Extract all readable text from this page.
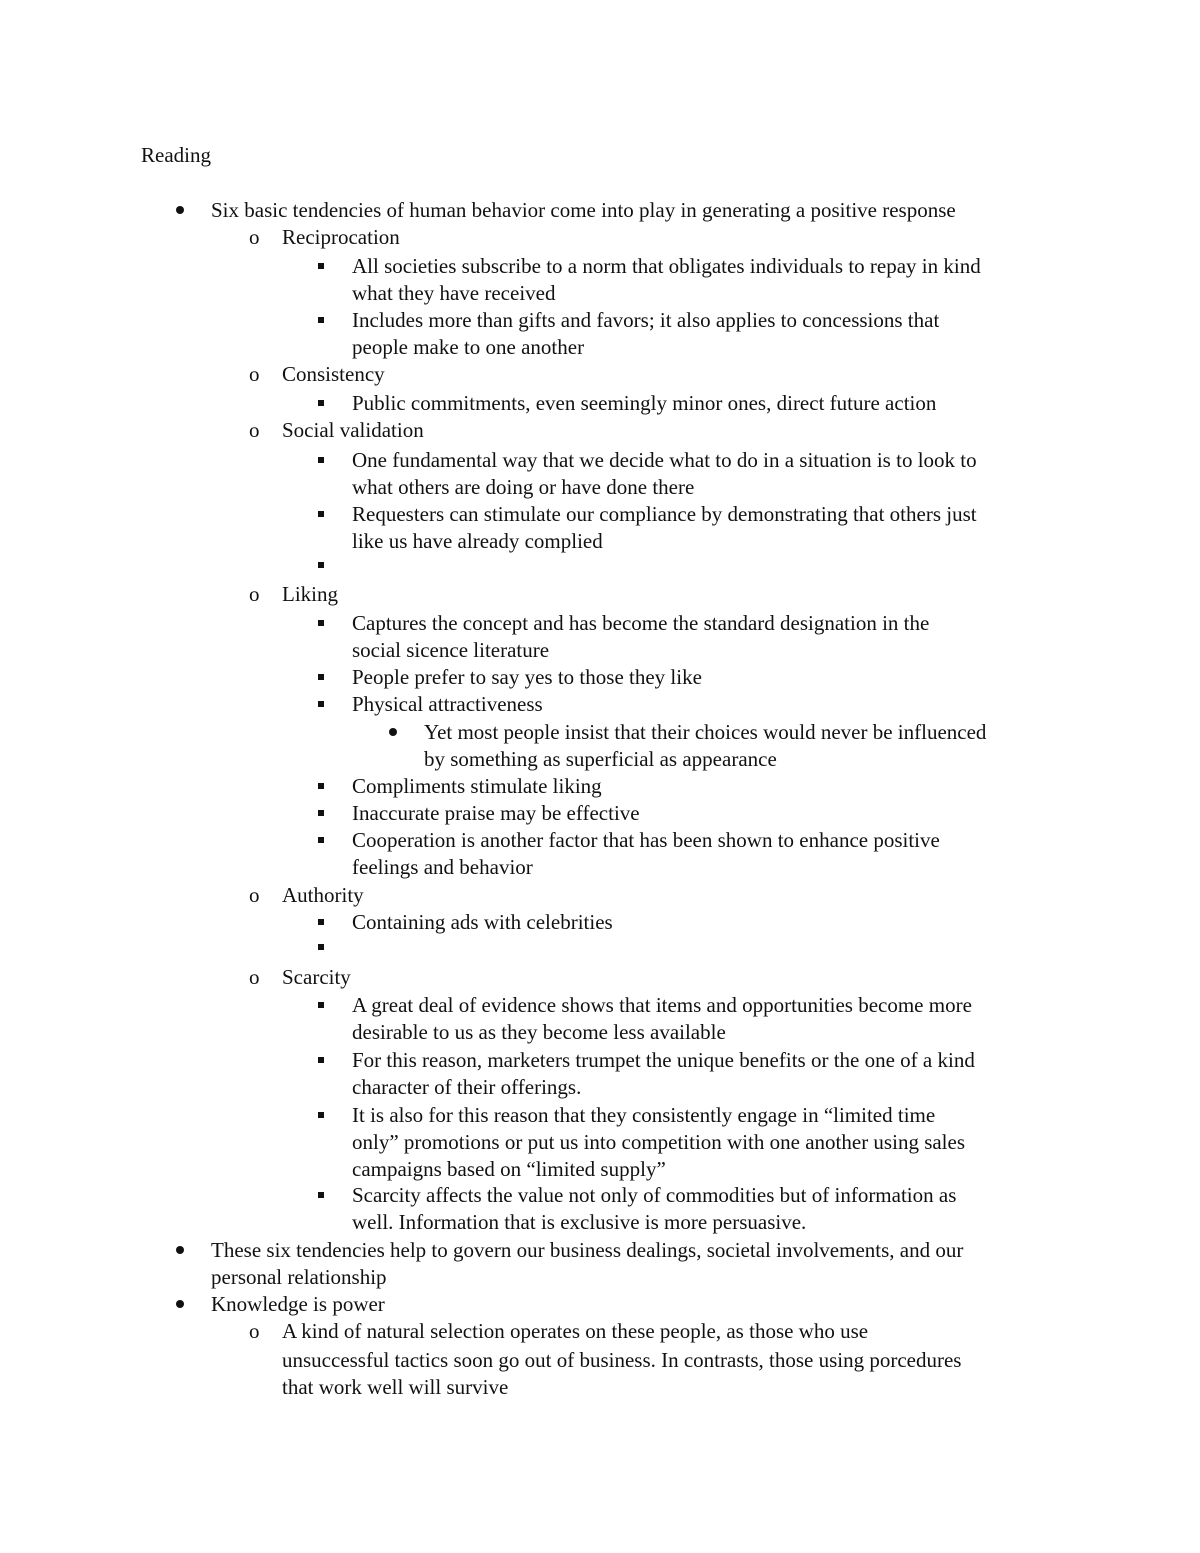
Reading
Six basic tendencies of human behavior come into play in generating a positive response
o Reciprocation
All societies subscribe to a norm that obligates individuals to repay in kind
what they have received
Includes more than gifts and favors; it also applies to concessions that
people make to one another
o Consistency
Public commitments, even seemingly minor ones, direct future action
o Social validation
One fundamental way that we decide what to do in a situation is to look to
what others are doing or have done there
Requesters can stimulate our compliance by demonstrating that others just
like us have already complied
o Liking
Captures the concept and has become the standard designation in the
social sicence literature
People prefer to say yes to those they like
Physical attractiveness
Yet most people insist that their choices would never be influenced
by something as superficial as appearance
Compliments stimulate liking
Inaccurate praise may be effective
Cooperation is another factor that has been shown to enhance positive
feelings and behavior
o Authority
Containing ads with celebrities
o Scarcity
A great deal of evidence shows that items and opportunities become more
desirable to us as they become less available
For this reason, marketers trumpet the unique benefits or the one of a kind
character of their offerings.
It is also for this reason that they consistently engage in “limited time
only” promotions or put us into competition with one another using sales
campaigns based on “limited supply”
Scarcity affects the value not only of commodities but of information as
well. Information that is exclusive is more persuasive.
These six tendencies help to govern our business dealings, societal involvements, and our
personal relationship
Knowledge is power
o A kind of natural selection operates on these people, as those who use
unsuccessful tactics soon go out of business. In contrasts, those using porcedures
that work well will survive
